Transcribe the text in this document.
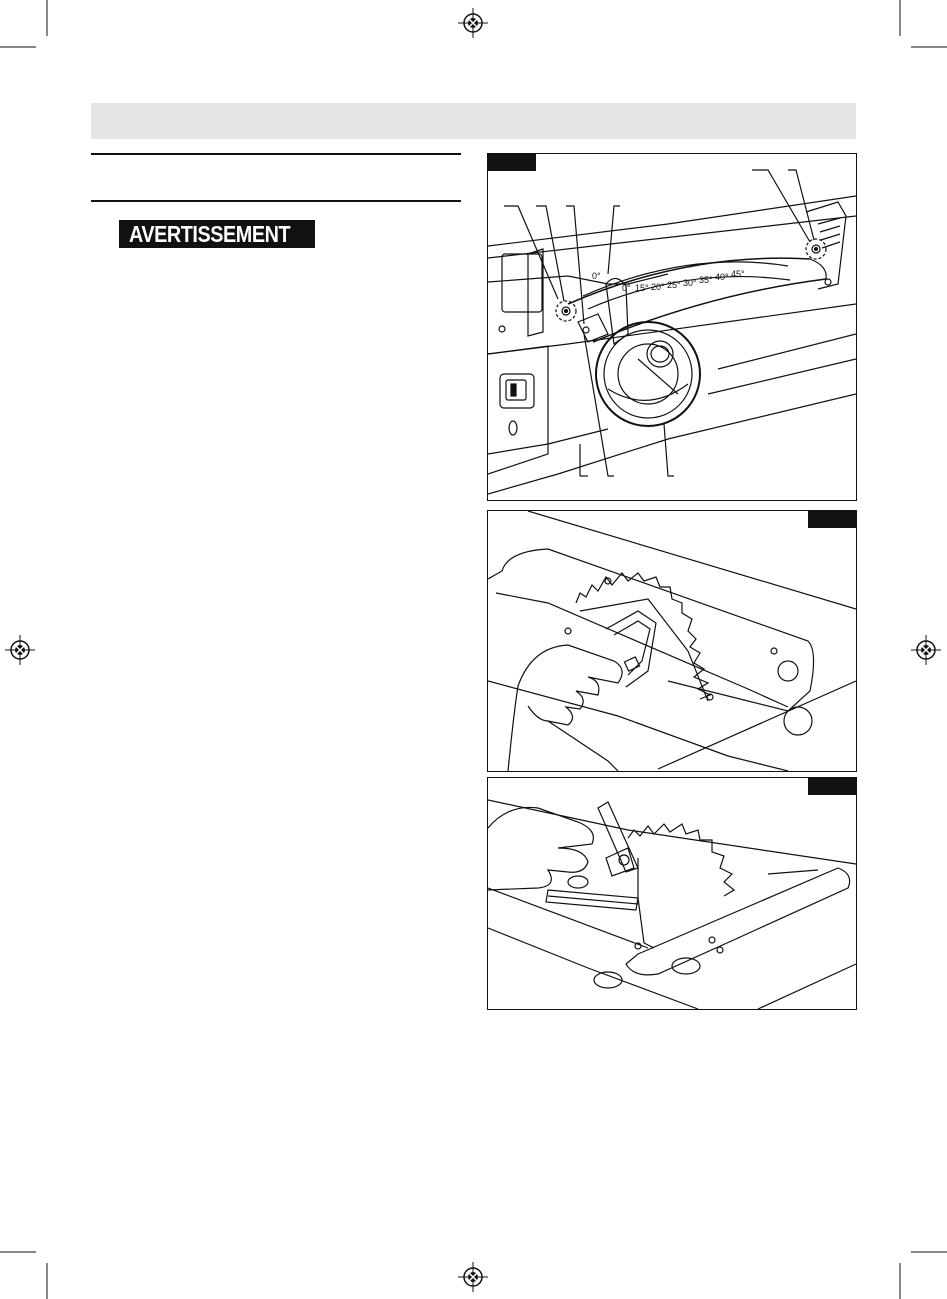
AVERTISSEMENT
0°
0° 15° 20° 25° 30° 35° 40° 45°
